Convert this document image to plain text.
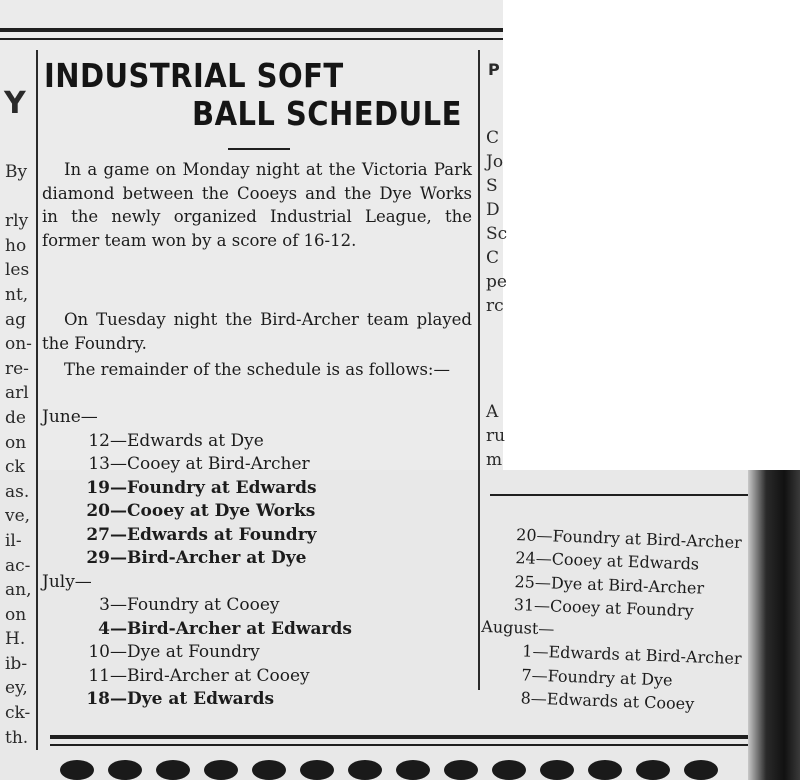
Y
By

rly
ho
les
nt,
ag
on-
re-
arl
de
on
ck
as.
ve,
il-
ac-
an,
on
H.
ib-
ey,
ck-
th.
P
C
Jo
S
D
Sc
C
pe
rc
A
ru
m
INDUSTRIAL SOFT
BALL SCHEDULE

In a game on Monday night at the Victoria Park diamond between the Cooeys and the Dye Works in the newly organized Industrial League, the former team won by a score of 16-12.

On Tuesday night the Bird-Archer team played the Foundry.

The remainder of the schedule is as follows:—

June—
12—Edwards at Dye
13—Cooey at Bird-Archer
19—Foundry at Edwards
20—Cooey at Dye Works
27—Edwards at Foundry
29—Bird-Archer at Dye
July—
3—Foundry at Cooey
4—Bird-Archer at Edwards
10—Dye at Foundry
11—Bird-Archer at Cooey
18—Dye at Edwards
20—Foundry at Bird-Archer
24—Cooey at Edwards
25—Dye at Bird-Archer
31—Cooey at Foundry
August—
1—Edwards at Bird-Archer
7—Foundry at Dye
8—Edwards at Cooey
